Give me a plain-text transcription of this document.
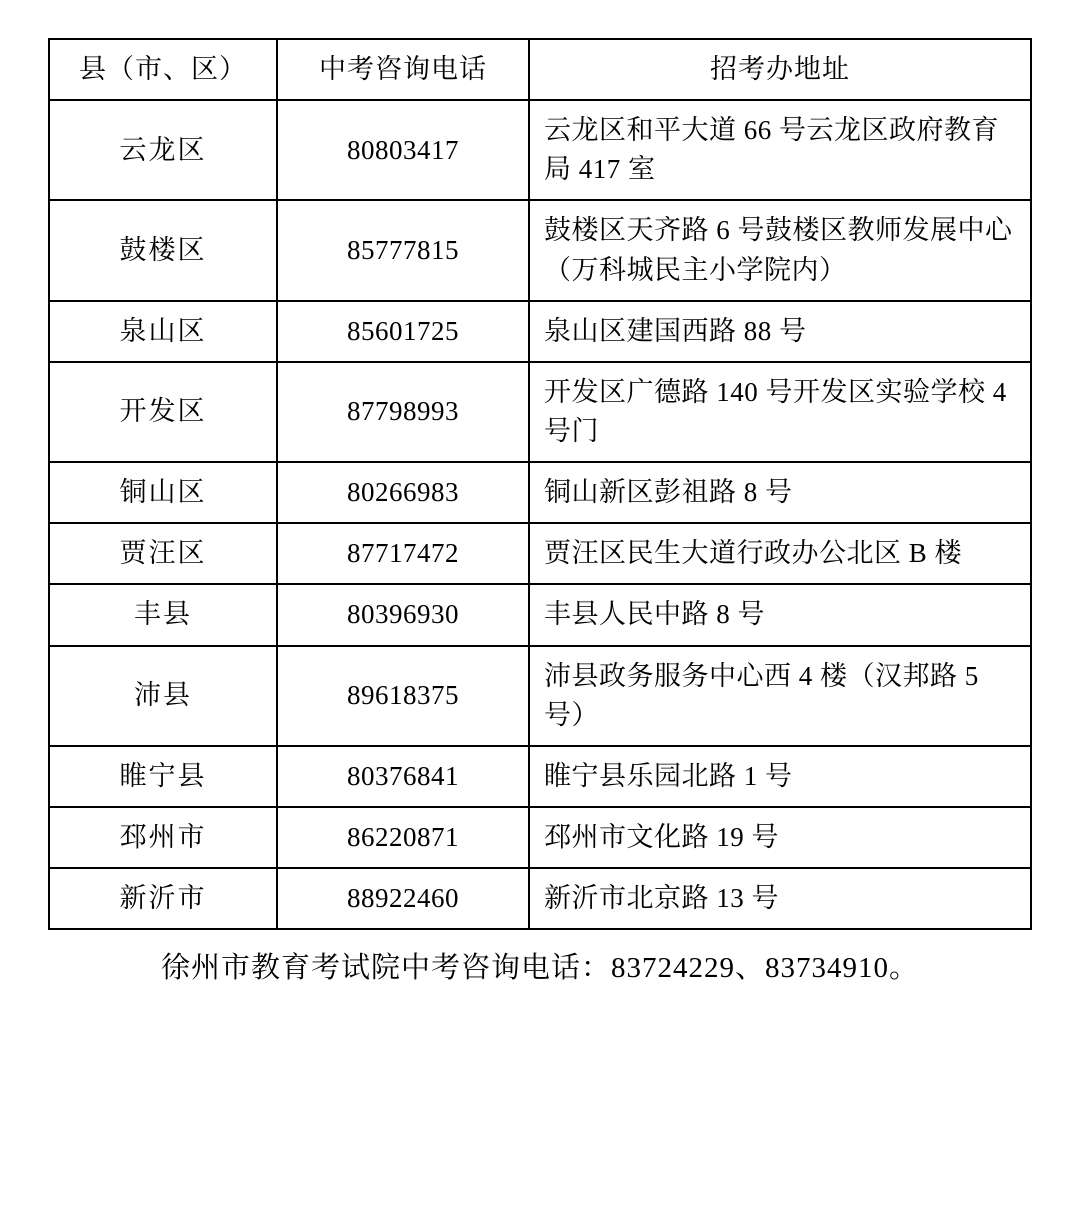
县（市、区）	中考咨询电话	招考办地址
云龙区	80803417	云龙区和平大道 66 号云龙区政府教育局 417 室
鼓楼区	85777815	鼓楼区天齐路 6 号鼓楼区教师发展中心（万科城民主小学院内）
泉山区	85601725	泉山区建国西路 88 号
开发区	87798993	开发区广德路 140 号开发区实验学校 4 号门
铜山区	80266983	铜山新区彭祖路 8 号
贾汪区	87717472	贾汪区民生大道行政办公北区 B 楼
丰县	80396930	丰县人民中路 8 号
沛县	89618375	沛县政务服务中心西 4 楼（汉邦路 5 号）
睢宁县	80376841	睢宁县乐园北路 1 号
邳州市	86220871	邳州市文化路 19 号
新沂市	88922460	新沂市北京路 13 号
徐州市教育考试院中考咨询电话：83724229、83734910。
